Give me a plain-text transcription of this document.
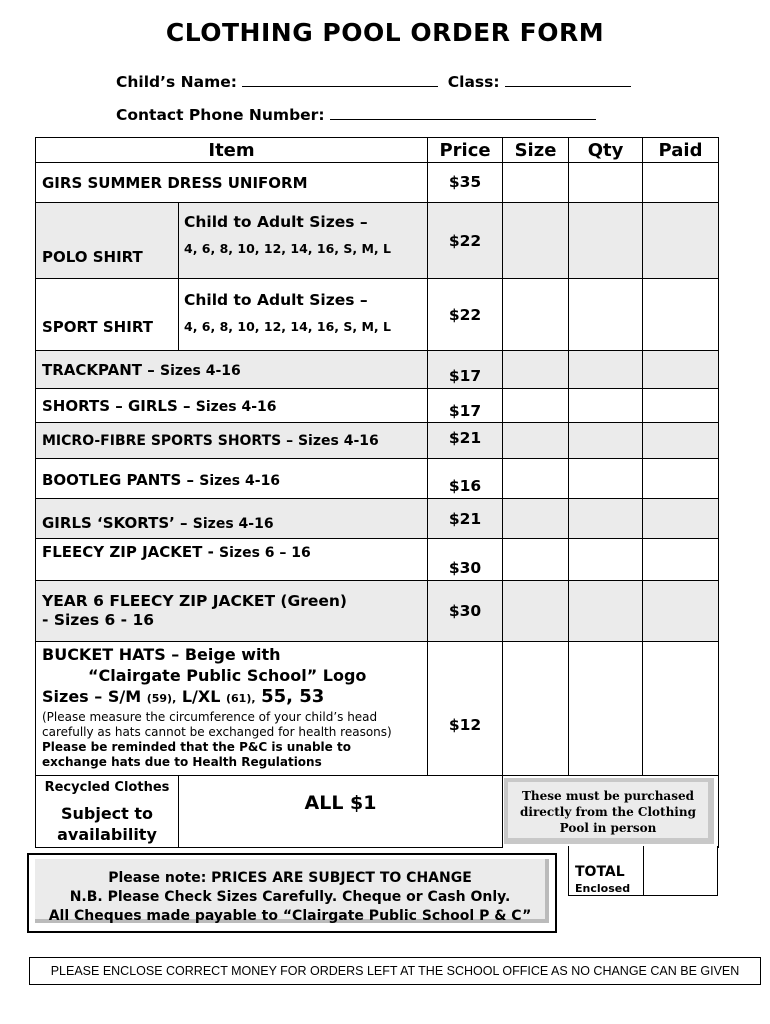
CLOTHING POOL ORDER FORM
Child’s Name:	Class:
Contact Phone Number:
Item		Price	Size	Qty	Paid
GIRS SUMMER DRESS UNIFORM		$35			
POLO SHIRT	Child to Adult Sizes –
4, 6, 8, 10, 12, 14, 16, S, M, L	$22			
SPORT SHIRT	Child to Adult Sizes –
4, 6, 8, 10, 12, 14, 16, S, M, L	$22			
TRACKPANT – Sizes 4-16		$17			
SHORTS – GIRLS – Sizes 4-16		$17			
MICRO-FIBRE SPORTS SHORTS – Sizes 4-16		$21			
BOOTLEG PANTS – Sizes 4-16		$16			
GIRLS ‘SKORTS’ – Sizes 4-16		$21			
FLEECY ZIP JACKET - Sizes 6 – 16		$30			

YEAR 6 FLEECY ZIP JACKET (Green)
- Sizes 6 - 16		$30			

BUCKET HATS – Beige with
“Clairgate Public School” Logo
Sizes – S/M (59), L/XL (61), 55, 53
(Please measure the circumference of your child’s head carefully as hats cannot be exchanged for health reasons)
Please be reminded that the P&C is unable to exchange hats due to Health Regulations		$12			

Recycled Clothes
Subject to
availability	ALL $1					These must be purchased directly from the Clothing Pool in person
TOTAL
Enclosed
Please note: PRICES ARE SUBJECT TO CHANGE
N.B. Please Check Sizes Carefully. Cheque or Cash Only.
All Cheques made payable to “Clairgate Public School P & C”
PLEASE ENCLOSE CORRECT MONEY FOR ORDERS LEFT AT THE SCHOOL OFFICE AS NO CHANGE CAN BE GIVEN
